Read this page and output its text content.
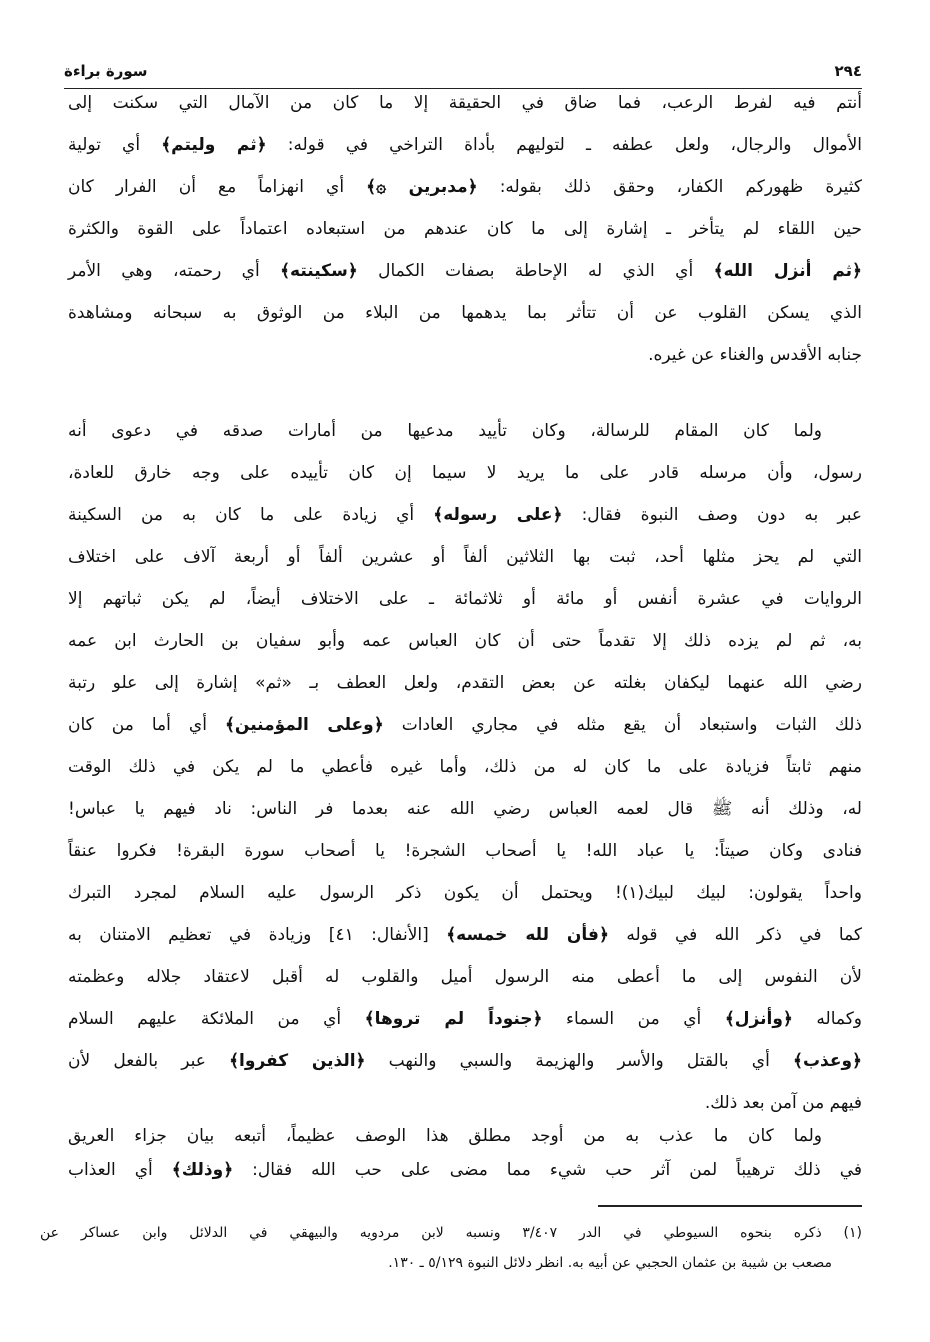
٢٩٤
سورة براءة
أنتم فيه لفرط الرعب، فما ضاق في الحقيقة إلا ما كان من الآمال التي سكنت إلى
الأموال والرجال، ولعل عطفه ـ لتوليهم بأداة التراخي في قوله: ﴿ثم وليتم﴾ أي تولية
كثيرة ظهوركم الكفار، وحقق ذلك بقوله: ﴿مدبرين ۞﴾ أي انهزاماً مع أن الفرار كان
حين اللقاء لم يتأخر ـ إشارة إلى ما كان عندهم من استبعاده اعتماداً على القوة والكثرة
﴿ثم أنزل الله﴾ أي الذي له الإحاطة بصفات الكمال ﴿سكينته﴾ أي رحمته، وهي الأمر
الذي يسكن القلوب عن أن تتأثر بما يدهمها من البلاء من الوثوق به سبحانه ومشاهدة
جنابه الأقدس والغناء عن غيره.
ولما كان المقام للرسالة، وكان تأييد مدعيها من أمارات صدقه في دعوى أنه
رسول، وأن مرسله قادر على ما يريد لا سيما إن كان تأييده على وجه خارق للعادة،
عبر به دون وصف النبوة فقال: ﴿على رسوله﴾ أي زيادة على ما كان به من السكينة
التي لم يحز مثلها أحد، ثبت بها الثلاثين ألفاً أو عشرين ألفاً أو أربعة آلاف على اختلاف
الروايات في عشرة أنفس أو مائة أو ثلاثمائة ـ على الاختلاف أيضاً، لم يكن ثباتهم إلا
به، ثم لم يزده ذلك إلا تقدماً حتى أن كان العباس عمه وأبو سفيان بن الحارث ابن عمه
رضي الله عنهما ليكفان بغلته عن بعض التقدم، ولعل العطف بـ «ثم» إشارة إلى علو رتبة
ذلك الثبات واستبعاد أن يقع مثله في مجاري العادات ﴿وعلى المؤمنين﴾ أي أما من كان
منهم ثابتاً فزيادة على ما كان له من ذلك، وأما غيره فأعطي ما لم يكن في ذلك الوقت
له، وذلك أنه ﷺ قال لعمه العباس رضي الله عنه بعدما فر الناس: ناد فيهم يا عباس!
فنادى وكان صيتاً: يا عباد الله! يا أصحاب الشجرة! يا أصحاب سورة البقرة! فكروا عنقاً
واحداً يقولون: لبيك لبيك(١)! ويحتمل أن يكون ذكر الرسول عليه السلام لمجرد التبرك
كما في ذكر الله في قوله ﴿فأن لله خمسه﴾ [الأنفال: ٤١] وزيادة في تعظيم الامتنان به
لأن النفوس إلى ما أعطى منه الرسول أميل والقلوب له أقبل لاعتقاد جلاله وعظمته
وكماله ﴿وأنزل﴾ أي من السماء ﴿جنوداً لم تروها﴾ أي من الملائكة عليهم السلام
﴿وعذب﴾ أي بالقتل والأسر والهزيمة والسبي والنهب ﴿الذين كفروا﴾ عبر بالفعل لأن
فيهم من آمن بعد ذلك.
ولما كان ما عذب به من أوجد مطلق هذا الوصف عظيماً، أتبعه بيان جزاء العريق
في ذلك ترهيباً لمن آثر حب شيء مما مضى على حب الله فقال: ﴿وذلك﴾ أي العذاب
(١) ذكره بنحوه السيوطي في الدر ٣/٤٠٧ ونسبه لابن مردويه والبيهقي في الدلائل وابن عساكر عن
مصعب بن شيبة بن عثمان الحجبي عن أبيه به. انظر دلائل النبوة ٥/١٢٩ ـ ١٣٠.
